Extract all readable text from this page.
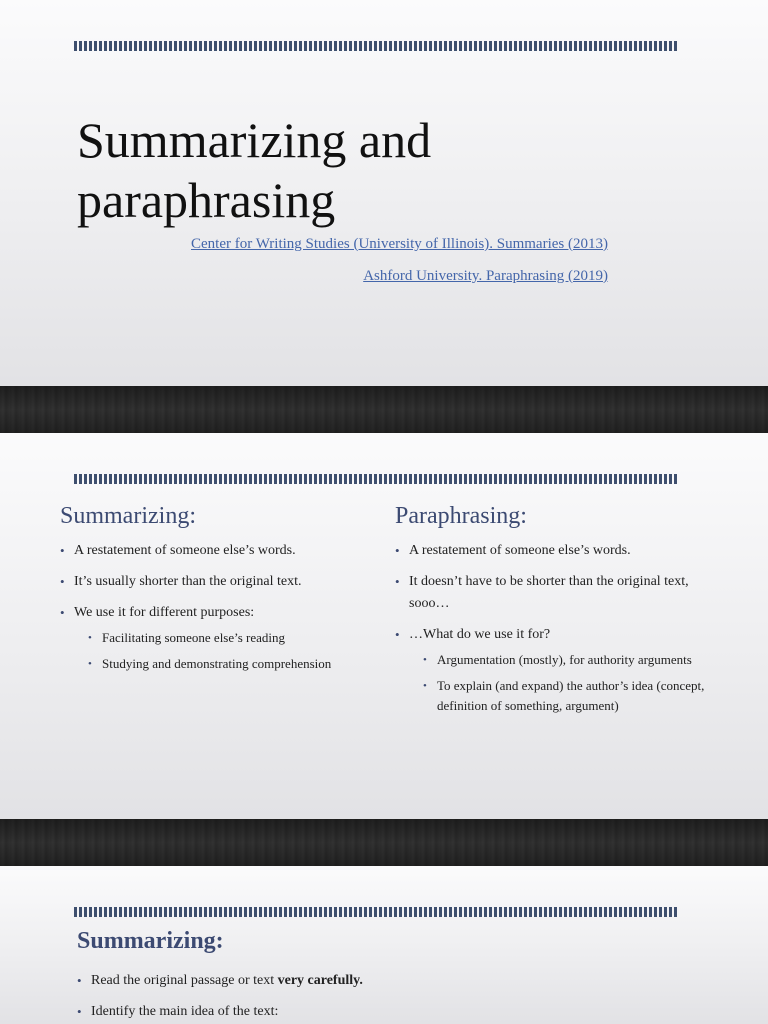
Summarizing and paraphrasing
Center for Writing Studies (University of Illinois). Summaries (2013)
Ashford University. Paraphrasing (2019)
Summarizing:
• A restatement of someone else’s words.
• It’s usually shorter than the original text.
• We use it for different purposes:
• Facilitating someone else’s reading
• Studying and demonstrating comprehension
Paraphrasing:
• A restatement of someone else’s words.
• It doesn’t have to be shorter than the original text, sooo…
• …What do we use it for?
• Argumentation (mostly), for authority arguments
• To explain (and expand) the author’s idea (concept, definition of something, argument)
Summarizing:
• Read the original passage or text very carefully.
• Identify the main idea of the text:
